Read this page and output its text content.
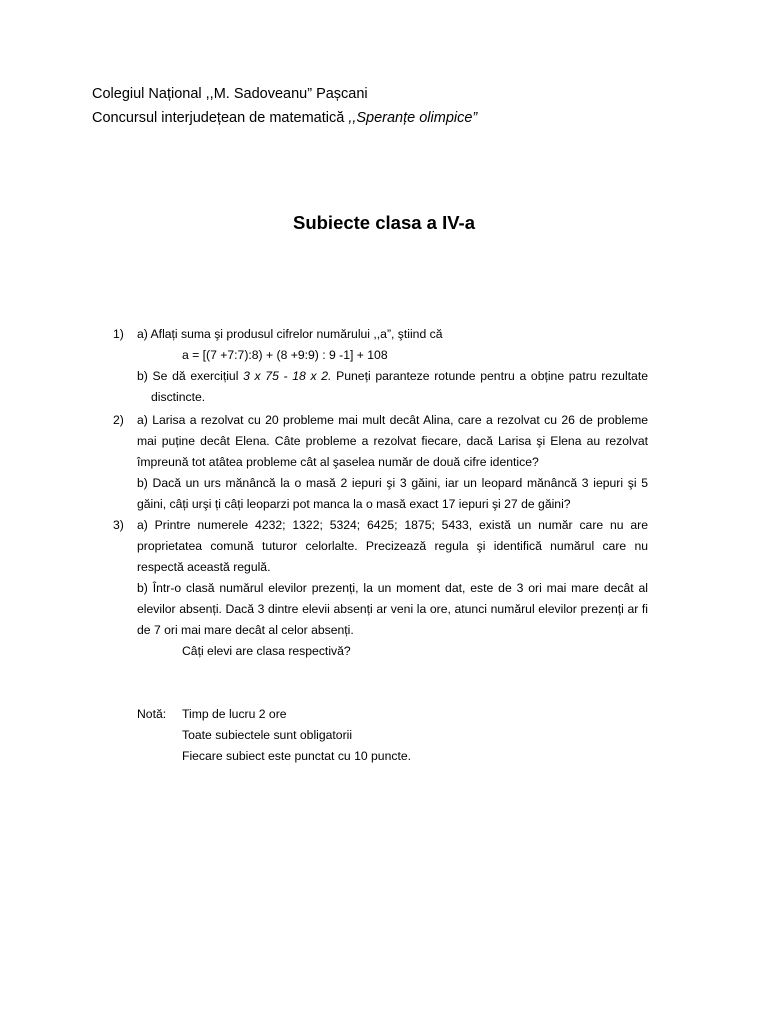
Colegiul Național ,,M. Sadoveanu” Pașcani
Concursul interjudețean de matematică ,,Speranțe olimpice”
Subiecte clasa a IV-a
1) a) Aflați suma şi produsul cifrelor numărului ,,a”, ştiind că
a = [(7 +7:7):8) + (8 +9:9) : 9 -1] + 108
b) Se dă exercițiul 3 x 75 - 18 x 2. Puneți paranteze rotunde pentru a obține patru rezultate
disctincte.
2) a) Larisa a rezolvat cu 20 probleme mai mult decât Alina, care a rezolvat cu 26 de probleme
mai puține decât Elena. Câte probleme a rezolvat fiecare, dacă Larisa şi Elena au rezolvat
împreună tot atâtea probleme cât al şaselea număr de două cifre identice?
b) Dacă un urs mănâncă la o masă 2 iepuri şi 3 găini, iar un leopard mănâncă 3 iepuri şi 5
găini, câți urşi ți câți leoparzi pot manca la o masă exact 17 iepuri şi 27 de găini?
3) a) Printre numerele 4232; 1322; 5324; 6425; 1875; 5433, există un număr care nu are
proprietatea comună tuturor celorlalte. Precizează regula şi identifică numărul care nu
respectă această regulă.
b) Într-o clasă numărul elevilor prezenți, la un moment dat, este de 3 ori mai mare decât al
elevilor absenți. Dacă 3 dintre elevii absenți ar veni la ore, atunci numărul elevilor prezenți ar fi
de 7 ori mai mare decât al celor absenți.
Câți elevi are clasa respectivă?
Notă: Timp de lucru 2 ore
Toate subiectele sunt obligatorii
Fiecare subiect este punctat cu 10 puncte.
